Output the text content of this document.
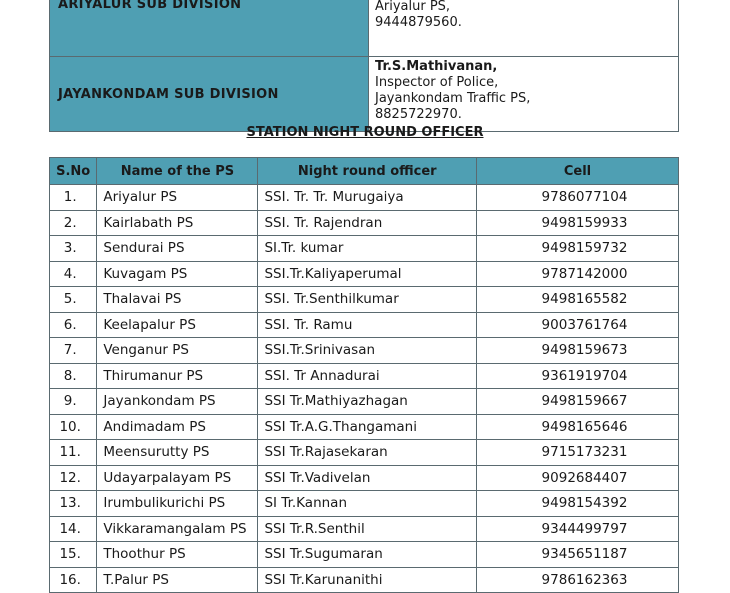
ARIYALUR SUB DIVISION	Ariyalur PS,
9444879560.

JAYANKONDAM SUB DIVISION	Tr.S.Mathivanan,
Inspector of Police,
Jayankondam Traffic PS,
8825722970.
STATION NIGHT ROUND OFFICER
S.No	Name of the PS	Night round officer	Cell
1.	Ariyalur PS	SSI. Tr. Tr. Murugaiya	9786077104
2.	Kairlabath PS	SSI. Tr. Rajendran	9498159933
3.	Sendurai PS	SI.Tr. kumar	9498159732
4.	Kuvagam PS	SSI.Tr.Kaliyaperumal	9787142000
5.	Thalavai PS	SSI. Tr.Senthilkumar	9498165582
6.	Keelapalur PS	SSI. Tr. Ramu	9003761764
7.	Venganur PS	SSI.Tr.Srinivasan	9498159673
8.	Thirumanur PS	SSI. Tr Annadurai	9361919704
9.	Jayankondam PS	SSI Tr.Mathiyazhagan	9498159667
10.	Andimadam PS	SSI Tr.A.G.Thangamani	9498165646
11.	Meensurutty PS	SSI Tr.Rajasekaran	9715173231
12.	Udayarpalayam PS	SSI Tr.Vadivelan	9092684407
13.	Irumbulikurichi PS	SI Tr.Kannan	9498154392
14.	Vikkaramangalam PS	SSI Tr.R.Senthil	9344499797
15.	Thoothur PS	SSI Tr.Sugumaran	9345651187
16.	T.Palur PS	SSI Tr.Karunanithi	9786162363
